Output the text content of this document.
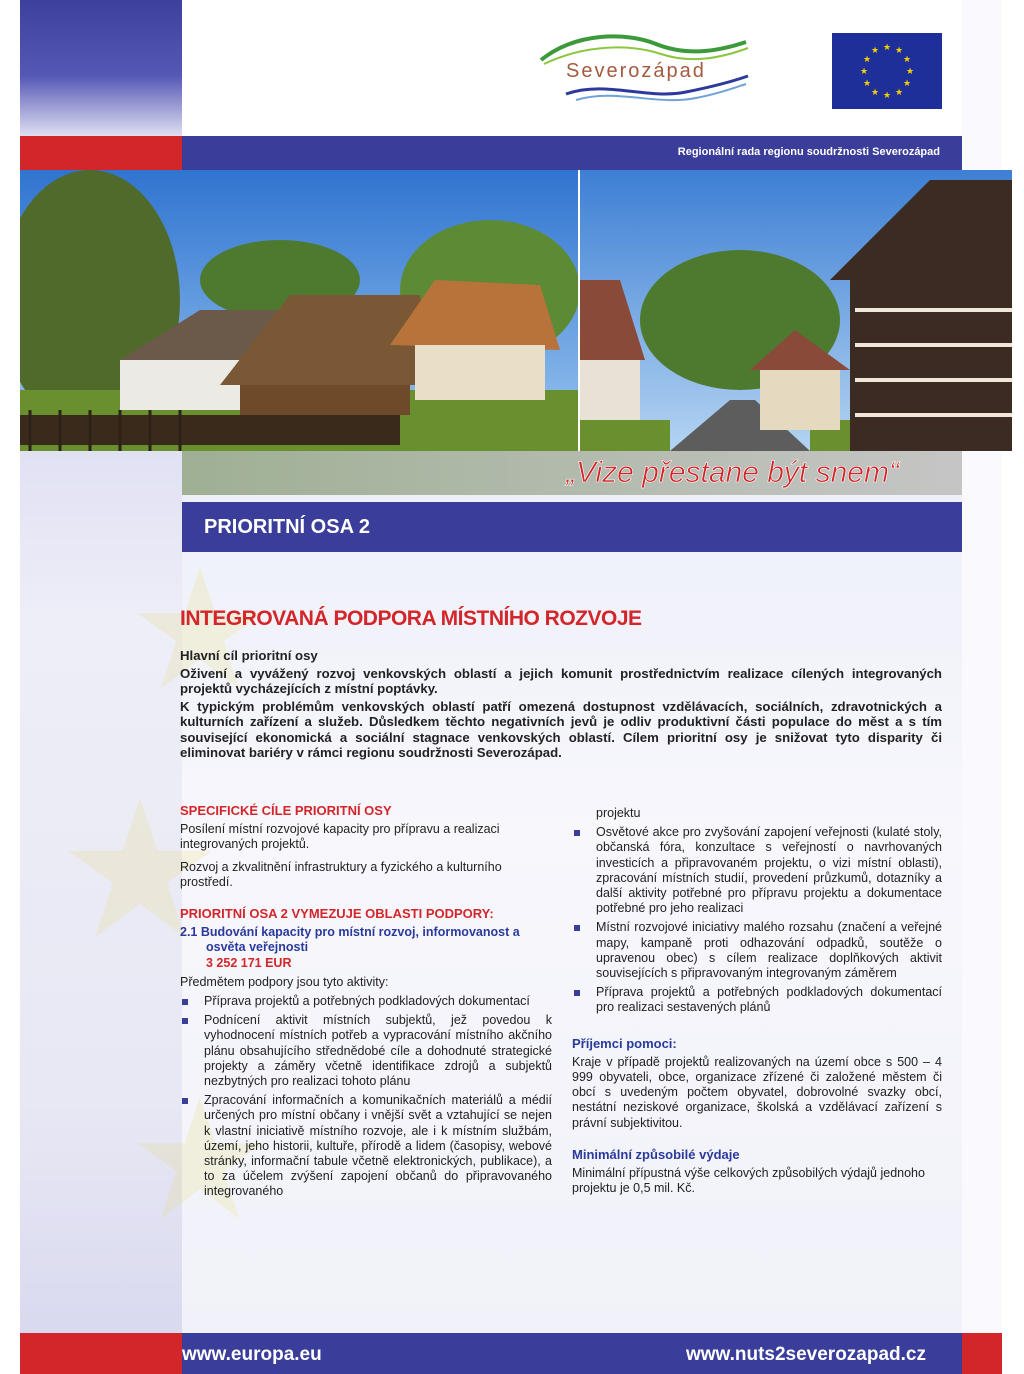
Severozápad
★ ★
★
★
★
★
★
★
★
★
★
★
Regionální rada regionu soudržnosti Severozápad
„Vize přestane být snem“
PRIORITNÍ OSA 2
INTEGROVANÁ PODPORA MÍSTNÍHO ROZVOJE

Hlavní cíl prioritní osy

Oživení a vyvážený rozvoj venkovských oblastí a jejich komunit prostřednictvím realizace cílených integrovaných projektů vycházejících z místní poptávky.

K typickým problémům venkovských oblastí patří omezená dostupnost vzdělávacích, sociálních, zdravotnických a kulturních zařízení a služeb. Důsledkem těchto negativních jevů je odliv produktivní části populace do měst a s tím související ekonomická a sociální stagnace venkovských oblastí. Cílem prioritní osy je snižovat tyto disparity či eliminovat bariéry v rámci regionu soudržnosti Severozápad.

SPECIFICKÉ CÍLE PRIORITNÍ OSY
Posílení místní rozvojové kapacity pro přípravu a realizaci integrovaných projektů.
Rozvoj a zkvalitnění infrastruktury a fyzického a kulturního prostředí.
PRIORITNÍ OSA 2 VYMEZUJE OBLASTI PODPORY:
2.1 Budování kapacity pro místní rozvoj, informovanost a osvěta veřejnosti
3 252 171 EUR
Předmětem podpory jsou tyto aktivity:
Příprava projektů a potřebných podkladových dokumentací
Podnícení aktivit místních subjektů, jež povedou k vyhodnocení místních potřeb a vypracování místního akčního plánu obsahujícího střednědobé cíle a dohodnuté strategické projekty a záměry včetně identifikace zdrojů a subjektů nezbytných pro realizaci tohoto plánu
Zpracování informačních a komunikačních materiálů a médií určených pro místní občany i vnější svět a vztahující se nejen k vlastní iniciativě místního rozvoje, ale i k místním službám, území, jeho historii, kultuře, přírodě a lidem (časopisy, webové stránky, informační tabule včetně elektronických, publikace), a to za účelem zvýšení zapojení občanů do připravovaného integrovaného
projektu
Osvětové akce pro zvyšování zapojení veřejnosti (kulaté stoly, občanská fóra, konzultace s veřejností o navrhovaných investicích a připravovaném projektu, o vizi místní oblasti), zpracování místních studií, provedení průzkumů, dotazníky a další aktivity potřebné pro přípravu projektu a dokumentace potřebné pro jeho realizaci
Místní rozvojové iniciativy malého rozsahu (značení a veřejné mapy, kampaně proti odhazování odpadků, soutěže o upravenou obec) s cílem realizace doplňkových aktivit souvisejících s připravovaným integrovaným záměrem
Příprava projektů a potřebných podkladových dokumentací pro realizaci sestavených plánů
Příjemci pomoci:
Kraje v případě projektů realizovaných na území obce s 500 – 4 999 obyvateli, obce, organizace zřízené či založené městem či obcí s uvedeným počtem obyvatel, dobrovolné svazky obcí, nestátní neziskové organizace, školská a vzdělávací zařízení s právní subjektivitou.
Minimální způsobilé výdaje
Minimální přípustná výše celkových způsobilých výdajů jednoho projektu je 0,5 mil. Kč.
www.europa.eu	www.nuts2severozapad.cz
